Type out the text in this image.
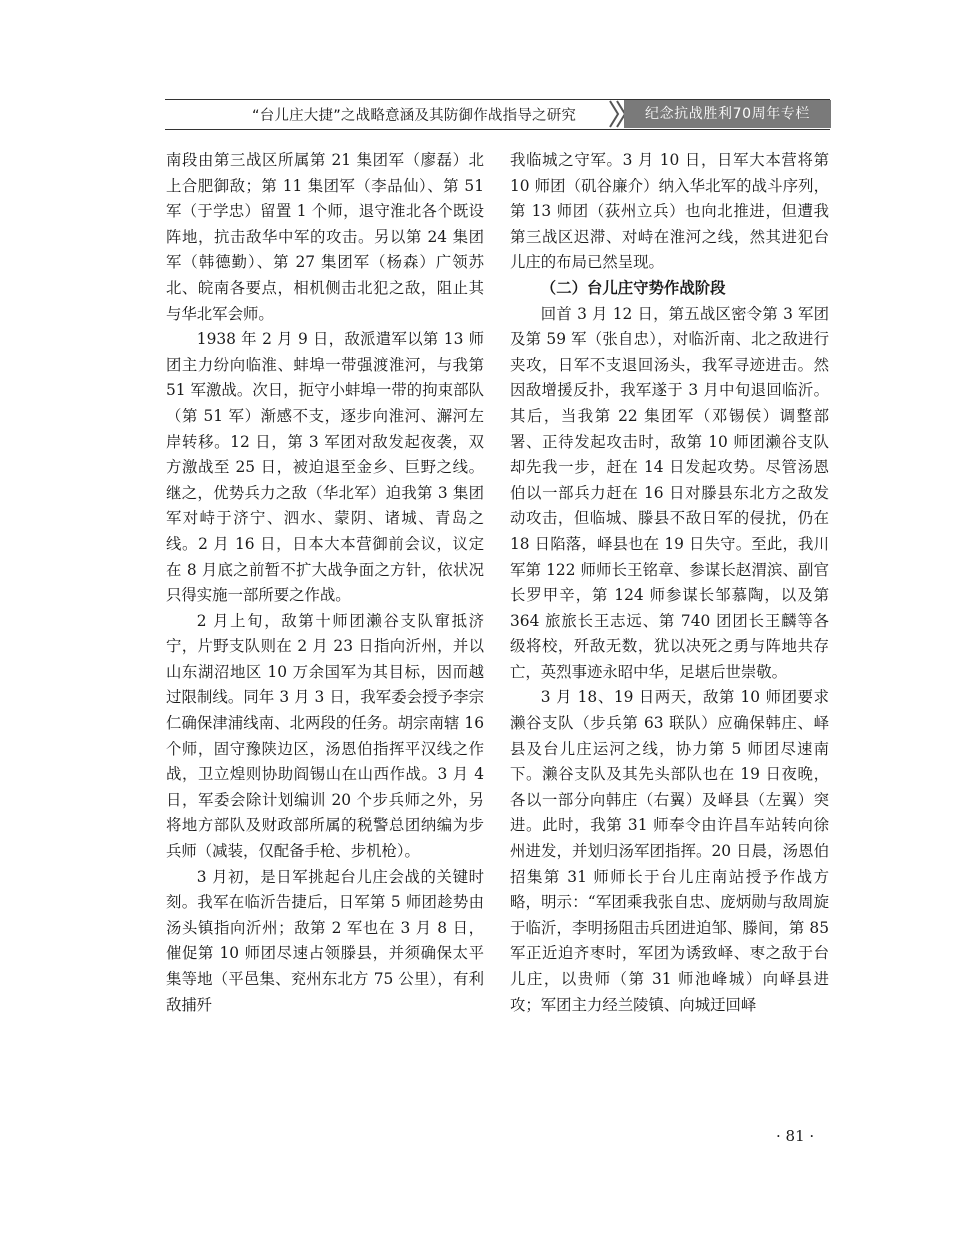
“台儿庄大捷”之战略意涵及其防御作战指导之研究	纪念抗战胜利70周年专栏

南段由第三战区所属第 21 集团军（廖磊）北上合肥御敌；第 11 集团军（李品仙）、第 51 军（于学忠）留置 1 个师，退守淮北各个既设阵地，抗击敌华中军的攻击。另以第 24 集团军（韩德勤）、第 27 集团军（杨森）广领苏北、皖南各要点，相机侧击北犯之敌，阻止其与华北军会师。

1938 年 2 月 9 日，敌派遣军以第 13 师团主力纷向临淮、蚌埠一带强渡淮河，与我第 51 军激战。次日，扼守小蚌埠一带的拘束部队（第 51 军）渐感不支，逐步向淮河、澥河左岸转移。12 日，第 3 军团对敌发起夜袭，双方激战至 25 日，被迫退至金乡、巨野之线。继之，优势兵力之敌（华北军）迫我第 3 集团军对峙于济宁、泗水、蒙阴、诸城、青岛之线。2 月 16 日，日本大本营御前会议，议定在 8 月底之前暂不扩大战争面之方针，依状况只得实施一部所要之作战。

2 月上旬，敌第十师团濑谷支队窜抵济宁，片野支队则在 2 月 23 日指向沂州，并以山东湖沼地区 10 万余国军为其目标，因而越过限制线。同年 3 月 3 日，我军委会授予李宗仁确保津浦线南、北两段的任务。胡宗南辖 16 个师，固守豫陕边区，汤恩伯指挥平汉线之作战，卫立煌则协助阎锡山在山西作战。3 月 4 日，军委会除计划编训 20 个步兵师之外，另将地方部队及财政部所属的税警总团纳编为步兵师（减装，仅配备手枪、步机枪）。

3 月初，是日军挑起台儿庄会战的关键时刻。我军在临沂告捷后，日军第 5 师团趁势由汤头镇指向沂州；敌第 2 军也在 3 月 8 日，催促第 10 师团尽速占领滕县，并须确保太平集等地（平邑集、兖州东北方 75 公里），有利敌捕歼

我临城之守军。3 月 10 日，日军大本营将第 10 师团（矶谷廉介）纳入华北军的战斗序列，第 13 师团（荻州立兵）也向北推进，但遭我第三战区迟滞、对峙在淮河之线，然其进犯台儿庄的布局已然呈现。

（二）台儿庄守势作战阶段

回首 3 月 12 日，第五战区密令第 3 军团及第 59 军（张自忠），对临沂南、北之敌进行夹攻，日军不支退回汤头，我军寻迹进击。然因敌增援反扑，我军遂于 3 月中旬退回临沂。其后，当我第 22 集团军（邓锡侯）调整部署、正待发起攻击时，敌第 10 师团濑谷支队却先我一步，赶在 14 日发起攻势。尽管汤恩伯以一部兵力赶在 16 日对滕县东北方之敌发动攻击，但临城、滕县不敌日军的侵扰，仍在 18 日陷落，峄县也在 19 日失守。至此，我川军第 122 师师长王铭章、参谋长赵渭滨、副官长罗甲辛，第 124 师参谋长邹慕陶，以及第 364 旅旅长王志远、第 740 团团长王麟等各级将校，歼敌无数，犹以决死之勇与阵地共存亡，英烈事迹永昭中华，足堪后世崇敬。

3 月 18、19 日两天，敌第 10 师团要求濑谷支队（步兵第 63 联队）应确保韩庄、峄县及台儿庄运河之线，协力第 5 师团尽速南下。濑谷支队及其先头部队也在 19 日夜晚，各以一部分向韩庄（右翼）及峄县（左翼）突进。此时，我第 31 师奉令由许昌车站转向徐州进发，并划归汤军团指挥。20 日晨，汤恩伯招集第 31 师师长于台儿庄南站授予作战方略，明示：“军团乘我张自忠、庞炳勋与敌周旋于临沂，李明扬阻击兵团进迫邹、滕间，第 85 军正近迫齐枣时，军团为诱致峄、枣之敌于台儿庄，以贵师（第 31 师池峰城）向峄县进攻；军团主力经兰陵镇、向城迂回峄

· 81 ·
